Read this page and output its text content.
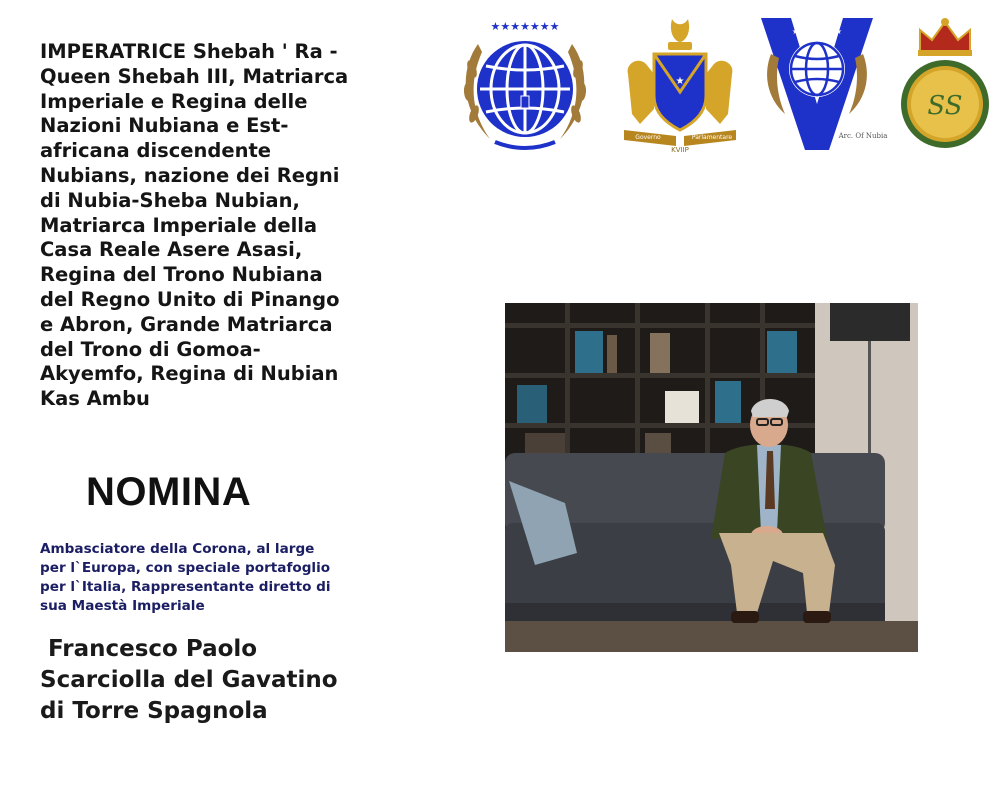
IMPERATRICE Shebah ' Ra -
Queen Shebah III, Matriarca
Imperiale e Regina delle
Nazioni Nubiana e Est-
africana discendente
Nubians, nazione dei Regni
di Nubia-Sheba Nubian,
Matriarca Imperiale della
Casa Reale Asere Asasi,
Regina del Trono Nubiana
del Regno Unito di Pinango
e Abron, Grande Matriarca
del Trono di Gomoa-
Akyemfo, Regina di Nubian
Kas Ambu

NOMINA

Ambasciatore della Corona, al large
per l`Europa, con speciale portafoglio
per l`Italia, Rappresentante diretto di
sua Maestà Imperiale

Francesco Paolo
Scarciolla del Gavatino
di Torre Spagnola

★★★★★★★
★
Governo	Parlamentare
KVIIP
★★★★★★★
Arc. Of Nubia
SS
